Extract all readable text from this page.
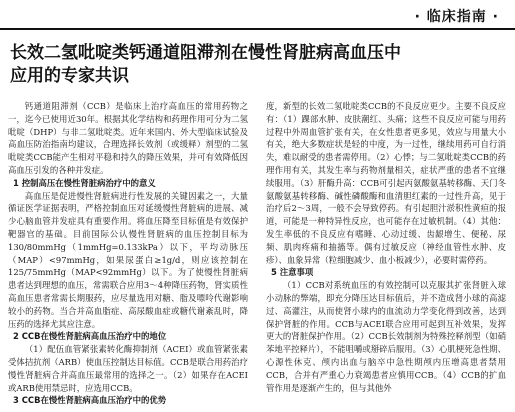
· 临床指南 ·
长效二氢吡啶类钙通道阻滞剂在慢性肾脏病高血压中
应用的专家共识

钙通道阻滞剂（CCB）是临床上治疗高血压的常用药物之一，迄今已使用近30年。根据其化学结构和药理作用可分为二氢吡啶（DHP）与非二氢吡啶类。近年来国内、外大型临床试验及高血压防治指南均建议，合理选择长效剂（或缓释）剂型的二氢吡啶类CCB能产生相对平稳和持久的降压效果，并可有效降低因高血压引发的各种并发症。

1 控制高压在慢性肾脏病治疗中的意义

高血压是促进慢性肾脏病进行性发展的关键因素之一，大量循证医学证据表明，严格控制血压对延缓慢性肾脏病的进展、减少心脑血管并发症具有重要作用。将血压降至目标值是有效保护靶器官的基础。目前国际公认慢性肾脏病的血压控制目标为130/80mmHg（1mmHg=0.133kPa）以下，平均动脉压（MAP）<97mmHg，如果尿蛋白≥1g/d，则应该控制在125/75mmHg（MAP<92mmHg）以下。为了使慢性肾脏病患者达到理想的血压，常需联合应用3～4种降压药物，肾实质性高血压患者常需长期服药，应尽量选用对糖、脂及嘌呤代谢影响较小的药物。当合并高血脂症、高尿酸血症或糖代谢紊乱时，降压药的选择尤其应注意。

2 CCB在慢性肾脏病高血压治疗中的地位

（1）配伍血管紧张素转化酶抑制剂（ACEI）或血管紧张素受体拮抗剂（ARB）使血压控制达目标值。CCB是联合用药治疗慢性肾脏病合并高血压最常用的选择之一。（2）如果存在ACEI或ARB使用禁忌时，应选用CCB。

3 CCB在慢性肾脏病高血压治疗中的优势

度，新型的长效二氢吡啶类CCB的不良反应更少。主要不良反应有：（1）踝部水肿、皮肤潮红、头痛；这些不良反应可能与用药过程中外周血管扩张有关，在女性患者更多见，效应与用量大小有关，绝大多数症状是轻的中度，为一过性，继续用药可自行消失，难以耐受的患者需停用。（2）心悸；与二氢吡啶类CCB的药理作用有关，其发生率与药物剂量相关，症状严重的患者不宜继续服用。（3）肝酶升高：CCB可引起丙氨酸氨基转移酶、天门冬氨酸氨基转移酶、碱性磷酸酶和血清胆红素的一过性升高，见于治疗后2～3周，一般不会导致停药。有引起胆汁淤积性黄疸的报道，可能是一种特异性反应，也可能存在过敏机制。（4）其他：发生率低的不良反应有嗜睡、心动过缓、齿龈增生、便秘、尿频、肌肉疼痛和抽搐等。偶有过敏反应（神经血管性水肿、皮疹）、血象异常（粒细胞减少、血小板减少），必要时需停药。

5 注意事项

（1）CCB对系统血压的有效控制可以克服其扩张肾脏入球小动脉的弊端，即充分降压达目标值后，并不造成肾小球的高滤过、高灌注，从而使肾小球内的血流动力学变化得到改善，达到保护肾脏的作用。CCB与ACEI联合应用可起到互补效果，发挥更大的肾脏保护作用。（2）CCB长效制剂为特殊控释剂型（如硝苯地平控释片），不能咀嚼或掰碎后服用。（3）心肌梗死急性期、心源性休克、颅内出血与脑卒中急性期颅内压增高患者禁用CCB，合并有严重心力衰竭患者应慎用CCB。（4）CCB的扩血管作用是逐渐产生的，但与其他外
